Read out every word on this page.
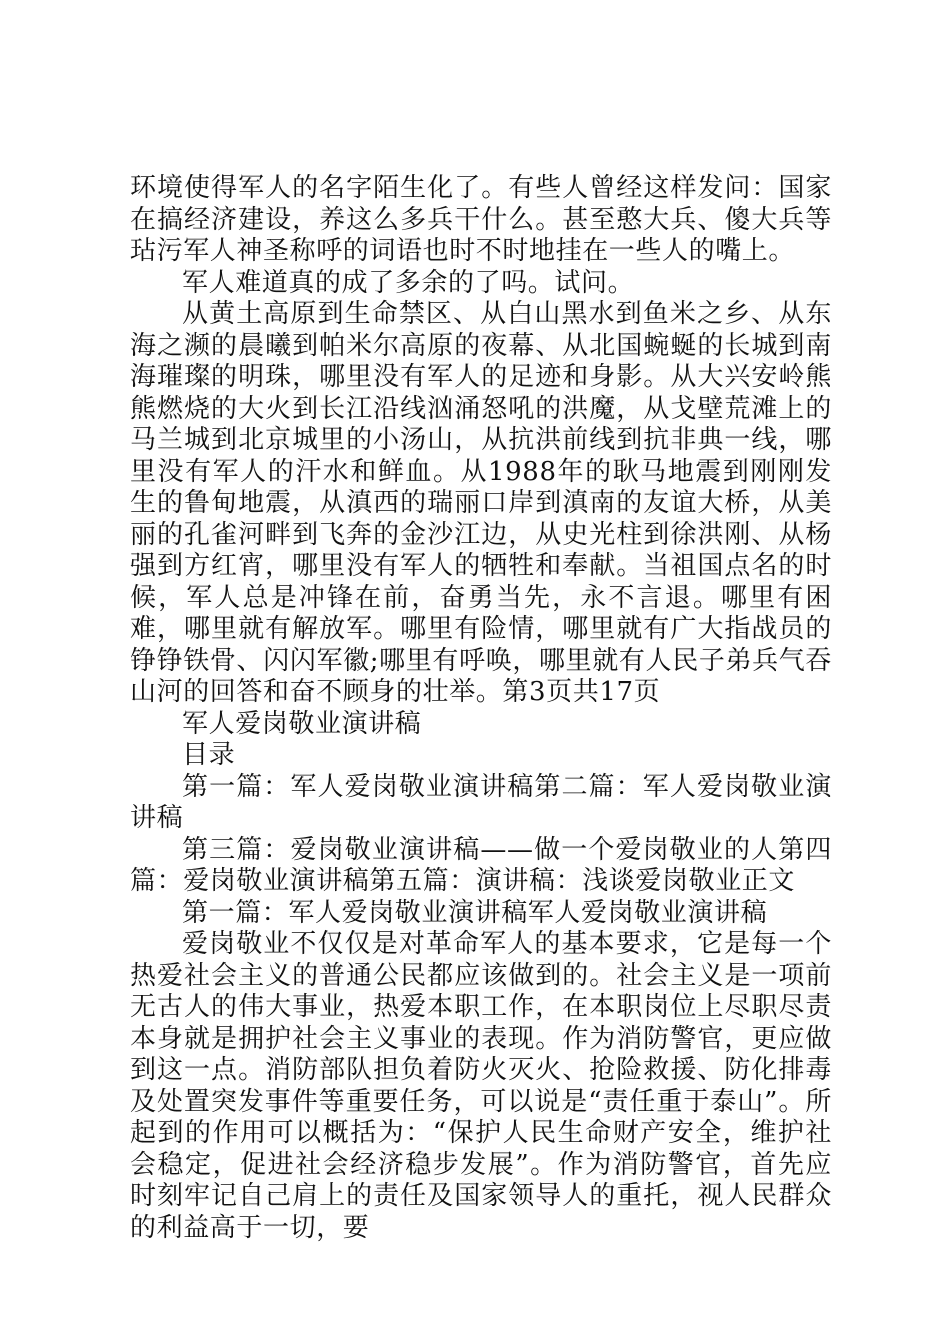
环境使得军人的名字陌生化了。有些人曾经这样发问：国家在搞经济建设，养这么多兵干什么。甚至憨大兵、傻大兵等玷污军人神圣称呼的词语也时不时地挂在一些人的嘴上。

军人难道真的成了多余的了吗。试问。

从黄土高原到生命禁区、从白山黑水到鱼米之乡、从东海之濒的晨曦到帕米尔高原的夜幕、从北国蜿蜒的长城到南海璀璨的明珠，哪里没有军人的足迹和身影。从大兴安岭熊熊燃烧的大火到长江沿线汹涌怒吼的洪魔，从戈壁荒滩上的马兰城到北京城里的小汤山，从抗洪前线到抗非典一线，哪里没有军人的汗水和鲜血。从1988年的耿马地震到刚刚发生的鲁甸地震，从滇西的瑞丽口岸到滇南的友谊大桥，从美丽的孔雀河畔到飞奔的金沙江边，从史光柱到徐洪刚、从杨强到方红宵，哪里没有军人的牺牲和奉献。当祖国点名的时候，军人总是冲锋在前，奋勇当先，永不言退。哪里有困难，哪里就有解放军。哪里有险情，哪里就有广大指战员的铮铮铁骨、闪闪军徽;哪里有呼唤，哪里就有人民子弟兵气吞山河的回答和奋不顾身的壮举。第3页共17页

军人爱岗敬业演讲稿

目录

第一篇：军人爱岗敬业演讲稿第二篇：军人爱岗敬业演讲稿

第三篇：爱岗敬业演讲稿——做一个爱岗敬业的人第四篇：爱岗敬业演讲稿第五篇：演讲稿：浅谈爱岗敬业正文

第一篇：军人爱岗敬业演讲稿军人爱岗敬业演讲稿

爱岗敬业不仅仅是对革命军人的基本要求，它是每一个热爱社会主义的普通公民都应该做到的。社会主义是一项前无古人的伟大事业，热爱本职工作，在本职岗位上尽职尽责本身就是拥护社会主义事业的表现。作为消防警官，更应做到这一点。消防部队担负着防火灭火、抢险救援、防化排毒及处置突发事件等重要任务，可以说是“责任重于泰山”。所起到的作用可以概括为：“保护人民生命财产安全，维护社会稳定，促进社会经济稳步发展”。作为消防警官，首先应时刻牢记自己肩上的责任及国家领导人的重托，视人民群众的利益高于一切，要
